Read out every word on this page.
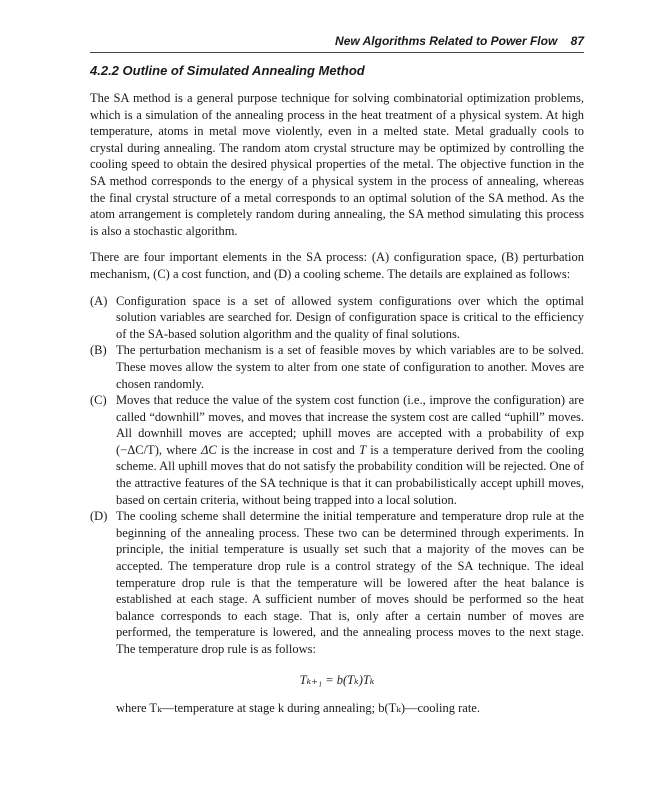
New Algorithms Related to Power Flow 87
4.2.2 Outline of Simulated Annealing Method

The SA method is a general purpose technique for solving combinatorial optimization problems, which is a simulation of the annealing process in the heat treatment of a physical system. At high temperature, atoms in metal move violently, even in a melted state. Metal gradually cools to crystal during annealing. The random atom crystal structure may be optimized by controlling the cooling speed to obtain the desired physical properties of the metal. The objective function in the SA method corresponds to the energy of a physical system in the process of annealing, whereas the final crystal structure of a metal corresponds to an optimal solution of the SA method. As the atom arrangement is completely random during annealing, the SA method simulating this process is also a stochastic algorithm.

There are four important elements in the SA process: (A) configuration space, (B) perturbation mechanism, (C) a cost function, and (D) a cooling scheme. The details are explained as follows:

(A) Configuration space is a set of allowed system configurations over which the optimal solution variables are searched for. Design of configuration space is critical to the efficiency of the SA-based solution algorithm and the quality of final solutions.
(B) The perturbation mechanism is a set of feasible moves by which variables are to be solved. These moves allow the system to alter from one state of configuration to another. Moves are chosen randomly.
(C) Moves that reduce the value of the system cost function (i.e., improve the configuration) are called “downhill” moves, and moves that increase the system cost are called “uphill” moves. All downhill moves are accepted; uphill moves are accepted with a probability of exp (−ΔC/T), where ΔC is the increase in cost and T is a temperature derived from the cooling scheme. All uphill moves that do not satisfy the probability condition will be rejected. One of the attractive features of the SA technique is that it can probabilistically accept uphill moves, based on certain criteria, without being trapped into a local solution.
(D) The cooling scheme shall determine the initial temperature and temperature drop rule at the beginning of the annealing process. These two can be determined through experiments. In principle, the initial temperature is usually set such that a majority of the moves can be accepted. The temperature drop rule is a control strategy of the SA technique. The ideal temperature drop rule is that the temperature will be lowered after the heat balance is established at each stage. A sufficient number of moves should be performed so the heat balance corresponds to each stage. That is, only after a certain number of moves are performed, the temperature is lowered, and the annealing process moves to the next stage. The temperature drop rule is as follows:
Tₖ₊₁ = b(Tₖ)Tₖ
where Tₖ—temperature at stage k during annealing; b(Tₖ)—cooling rate.
